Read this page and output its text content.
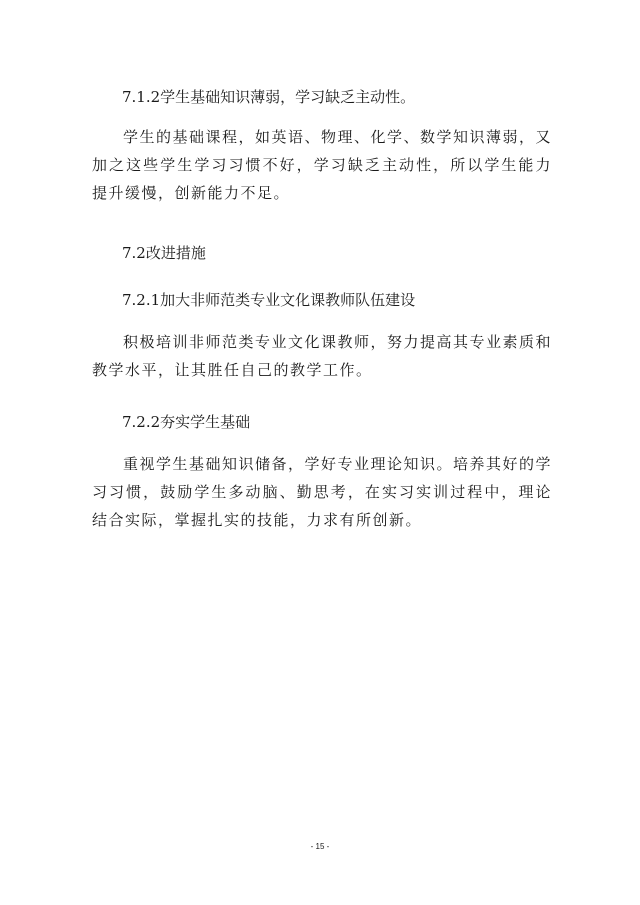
7.1.2学生基础知识薄弱，学习缺乏主动性。
学生的基础课程，如英语、物理、化学、数学知识薄弱，又加之这些学生学习习惯不好，学习缺乏主动性，所以学生能力提升缓慢，创新能力不足。
7.2改进措施
7.2.1加大非师范类专业文化课教师队伍建设
积极培训非师范类专业文化课教师，努力提高其专业素质和教学水平，让其胜任自己的教学工作。
7.2.2夯实学生基础
重视学生基础知识储备，学好专业理论知识。培养其好的学习习惯，鼓励学生多动脑、勤思考，在实习实训过程中，理论结合实际，掌握扎实的技能，力求有所创新。
- 15 -
